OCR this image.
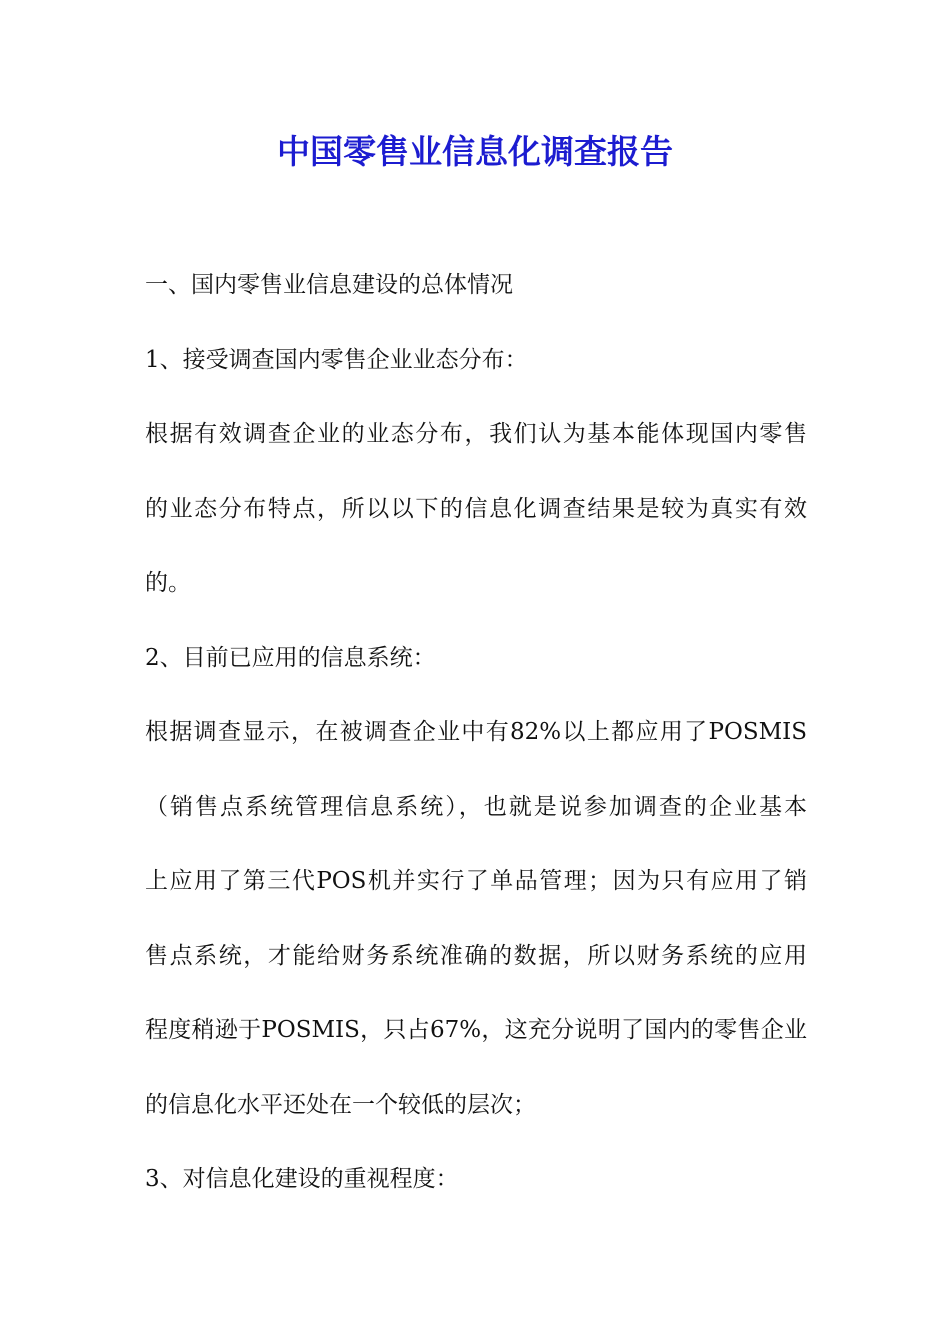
中国零售业信息化调查报告
一、国内零售业信息建设的总体情况
1、接受调查国内零售企业业态分布：
根据有效调查企业的业态分布，我们认为基本能体现国内零售
的业态分布特点，所以以下的信息化调查结果是较为真实有效
的。
2、目前已应用的信息系统：
根据调查显示，在被调查企业中有82%以上都应用了POSMIS
（销售点系统管理信息系统），也就是说参加调查的企业基本
上应用了第三代POS机并实行了单品管理；因为只有应用了销
售点系统，才能给财务系统准确的数据，所以财务系统的应用
程度稍逊于POSMIS，只占67%，这充分说明了国内的零售企业
的信息化水平还处在一个较低的层次；
3、对信息化建设的重视程度：
